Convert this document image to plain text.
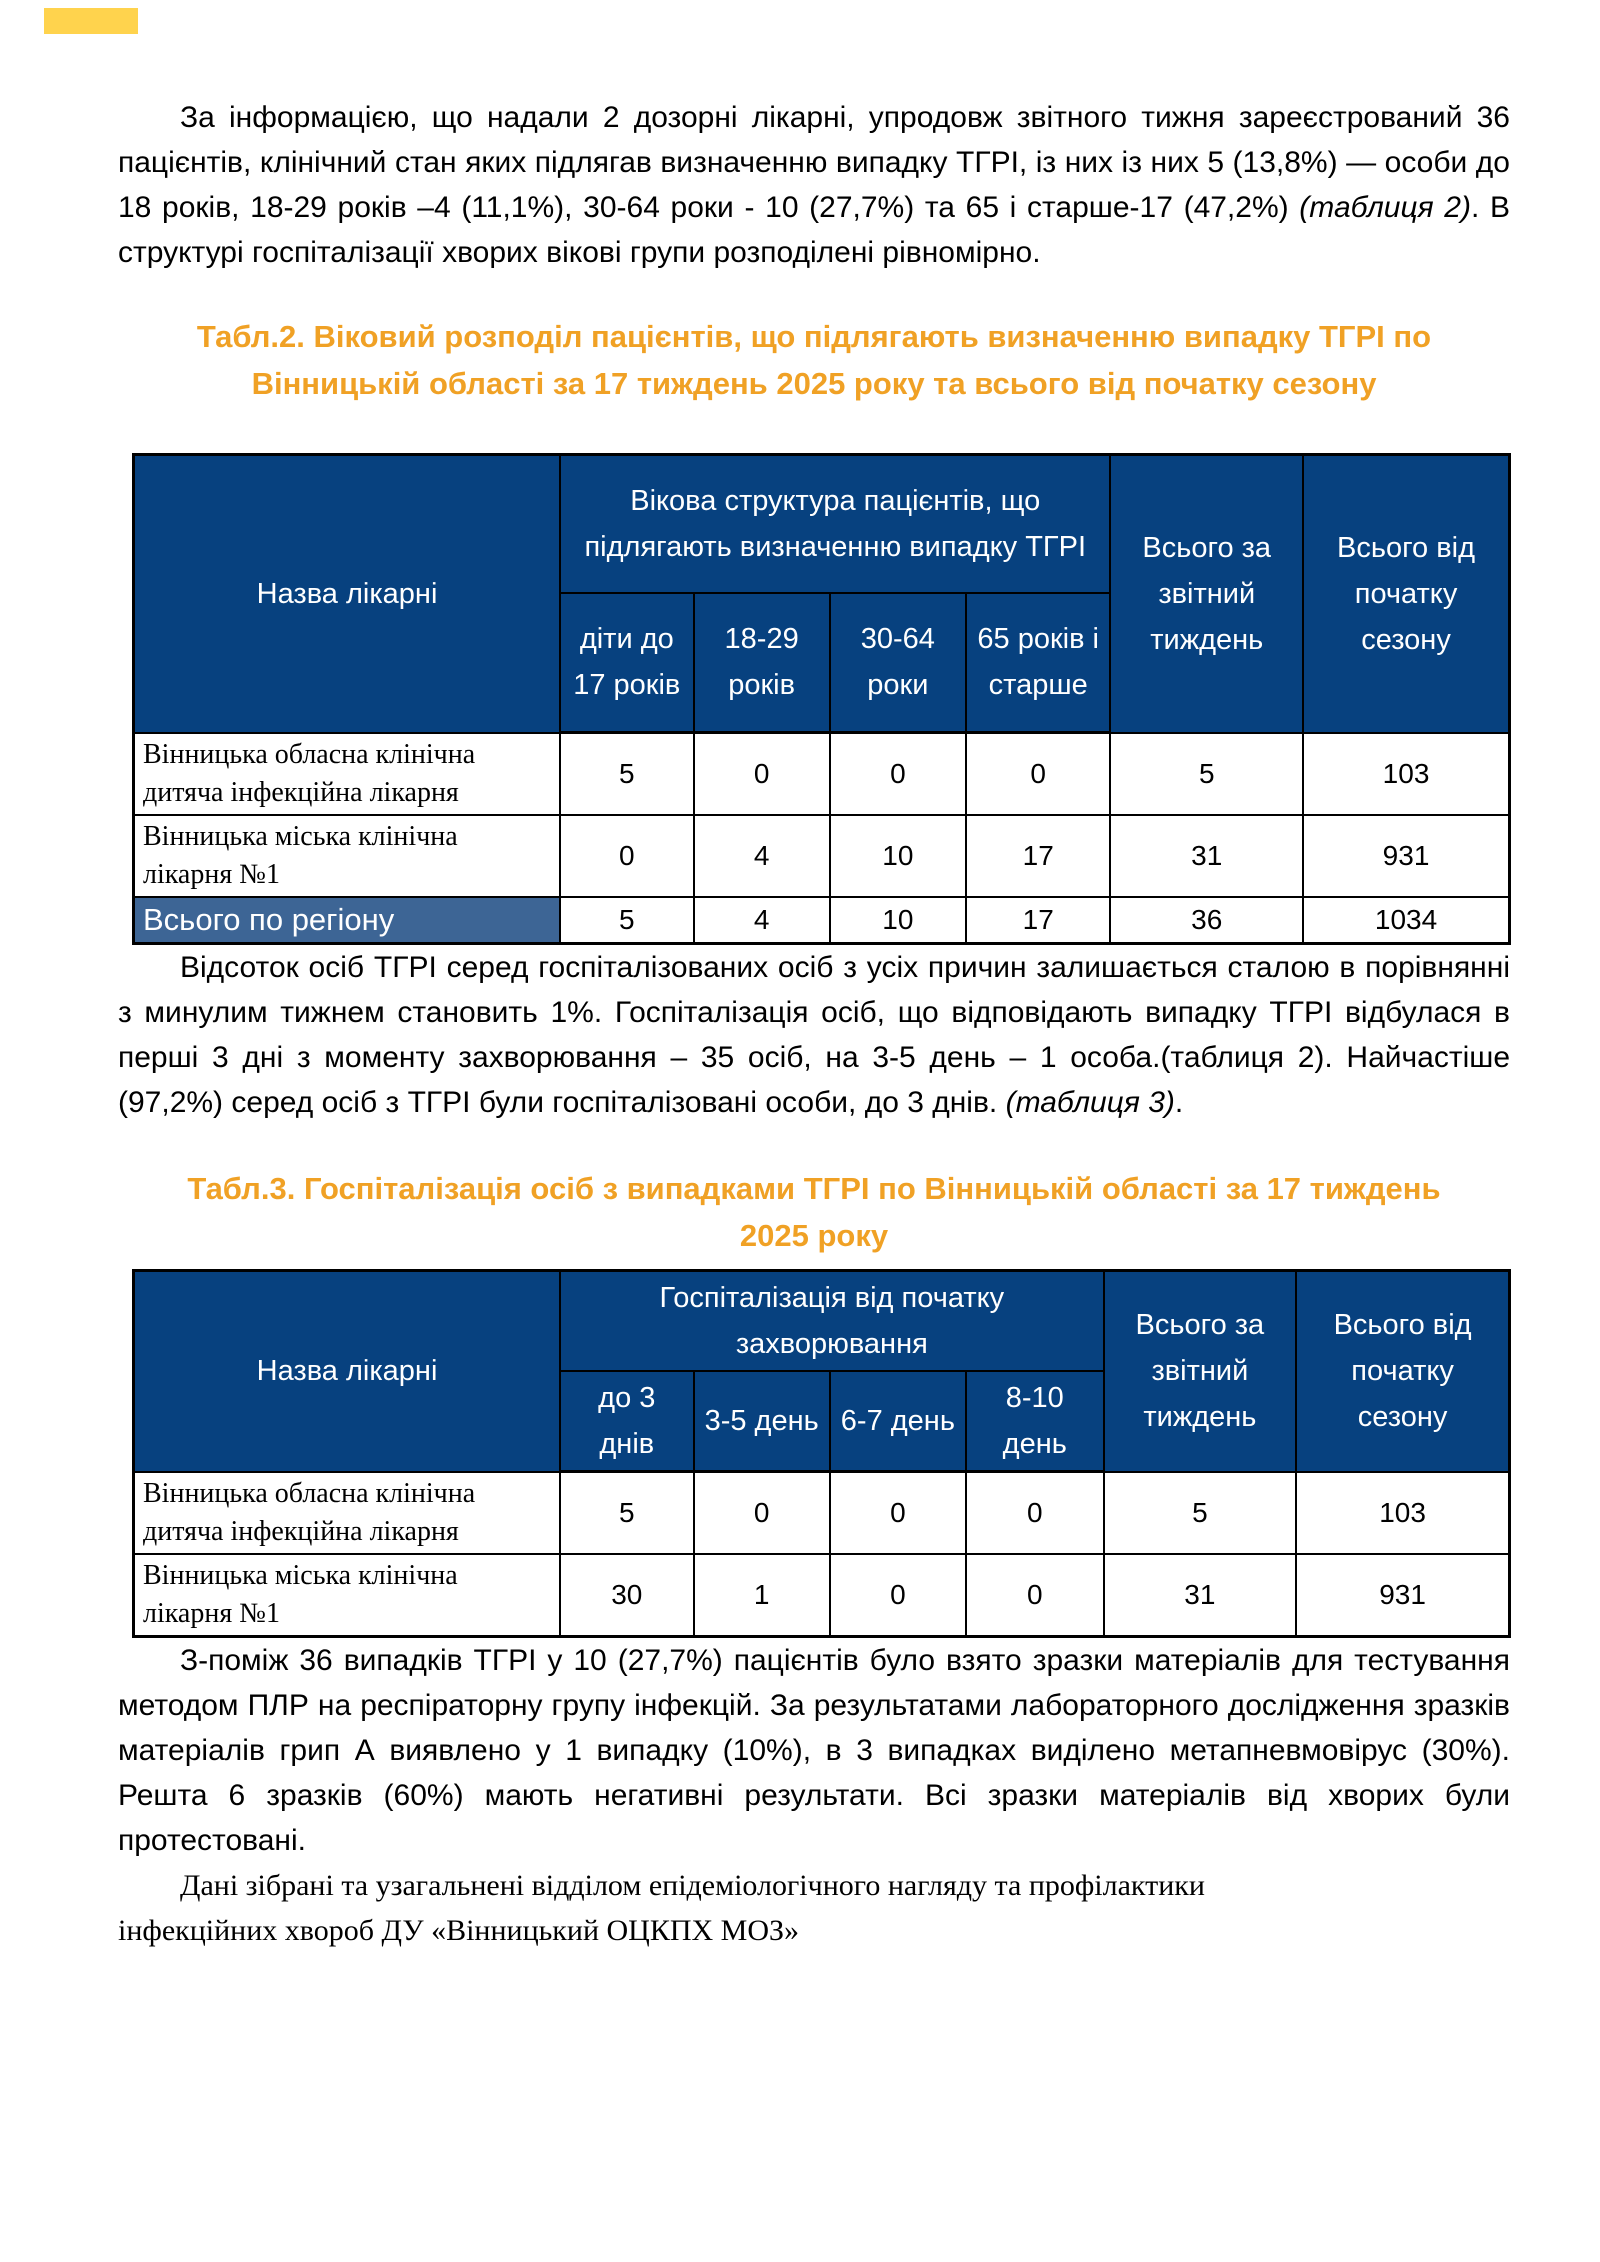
За інформацією, що надали 2 дозорні лікарні, упродовж звітного тижня зареєстрований 36 пацієнтів, клінічний стан яких підлягав визначенню випадку ТГРІ, із них із них 5 (13,8%) — особи до 18 років, 18-29 років –4 (11,1%), 30-64 роки - 10 (27,7%) та 65 і старше-17 (47,2%) (таблиця 2). В структурі госпіталізації хворих вікові групи розподілені рівномірно.

Табл.2. Віковий розподіл пацієнтів, що підлягають визначенню випадку ТГРІ по
Вінницькій області за 17 тиждень 2025 року та всього від початку сезону

Назва лікарні	Вікова структура пацієнтів, що підлягають визначенню випадку ТГРІ				Всього за звітний тиждень	Всього від початку сезону
	діти до 17 років	18-29 років	30-64 роки	65 років і старше		
Вінницька обласна клінічна дитяча інфекційна лікарня	5	0	0	0	5	103
Вінницька міська клінічна лікарня №1	0	4	10	17	31	931
Всього по регіону	5	4	10	17	36	1034

Відсоток осіб ТГРІ серед госпіталізованих осіб з усіх причин залишається сталою в порівнянні з минулим тижнем становить 1%. Госпіталізація осіб, що відповідають випадку ТГРІ відбулася в перші 3 дні з моменту захворювання – 35 осіб, на 3-5 день – 1 особа.(таблиця 2). Найчастіше (97,2%) серед осіб з ТГРІ були госпіталізовані особи, до 3 днів. (таблиця 3).

Табл.3. Госпіталізація осіб з випадками ТГРІ по Вінницькій області за 17 тиждень
2025 року

Назва лікарні	Госпіталізація від початку захворювання				Всього за звітний тиждень	Всього від початку сезону
	до 3 днів	3-5 день	6-7 день	8-10 день		
Вінницька обласна клінічна дитяча інфекційна лікарня	5	0	0	0	5	103
Вінницька міська клінічна лікарня №1	30	1	0	0	31	931

З-поміж 36 випадків ТГРІ у 10 (27,7%) пацієнтів було взято зразки матеріалів для тестування методом ПЛР на респіраторну групу інфекцій. За результатами лабораторного дослідження зразків матеріалів грип А виявлено у 1 випадку (10%), в 3 випадках виділено метапневмовірус (30%). Решта 6 зразків (60%) мають негативні результати. Всі зразки матеріалів від хворих були протестовані.

Дані зібрані та узагальнені відділом епідеміологічного нагляду та профілактики
інфекційних хвороб ДУ «Вінницький ОЦКПХ МОЗ»
